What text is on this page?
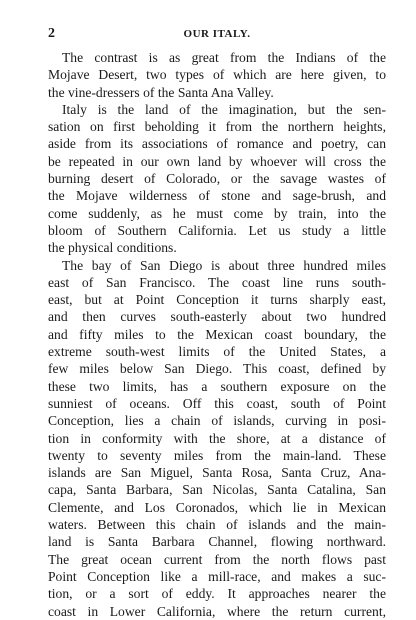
2	OUR ITALY.

The contrast is as great from the Indians of the
Mojave Desert, two types of which are here given, to
the vine-dressers of the Santa Ana Valley.

Italy is the land of the imagination, but the sen-
sation on first beholding it from the northern heights,
aside from its associations of romance and poetry, can
be repeated in our own land by whoever will cross the
burning desert of Colorado, or the savage wastes of
the Mojave wilderness of stone and sage-brush, and
come suddenly, as he must come by train, into the
bloom of Southern California. Let us study a little
the physical conditions.

The bay of San Diego is about three hundred miles
east of San Francisco. The coast line runs south-
east, but at Point Conception it turns sharply east,
and then curves south-easterly about two hundred
and fifty miles to the Mexican coast boundary, the
extreme south-west limits of the United States, a
few miles below San Diego. This coast, defined by
these two limits, has a southern exposure on the
sunniest of oceans. Off this coast, south of Point
Conception, lies a chain of islands, curving in posi-
tion in conformity with the shore, at a distance of
twenty to seventy miles from the main-land. These
islands are San Miguel, Santa Rosa, Santa Cruz, Ana-
capa, Santa Barbara, San Nicolas, Santa Catalina, San
Clemente, and Los Coronados, which lie in Mexican
waters. Between this chain of islands and the main-
land is Santa Barbara Channel, flowing northward.
The great ocean current from the north flows past
Point Conception like a mill-race, and makes a suc-
tion, or a sort of eddy. It approaches nearer the
coast in Lower California, where the return current,
